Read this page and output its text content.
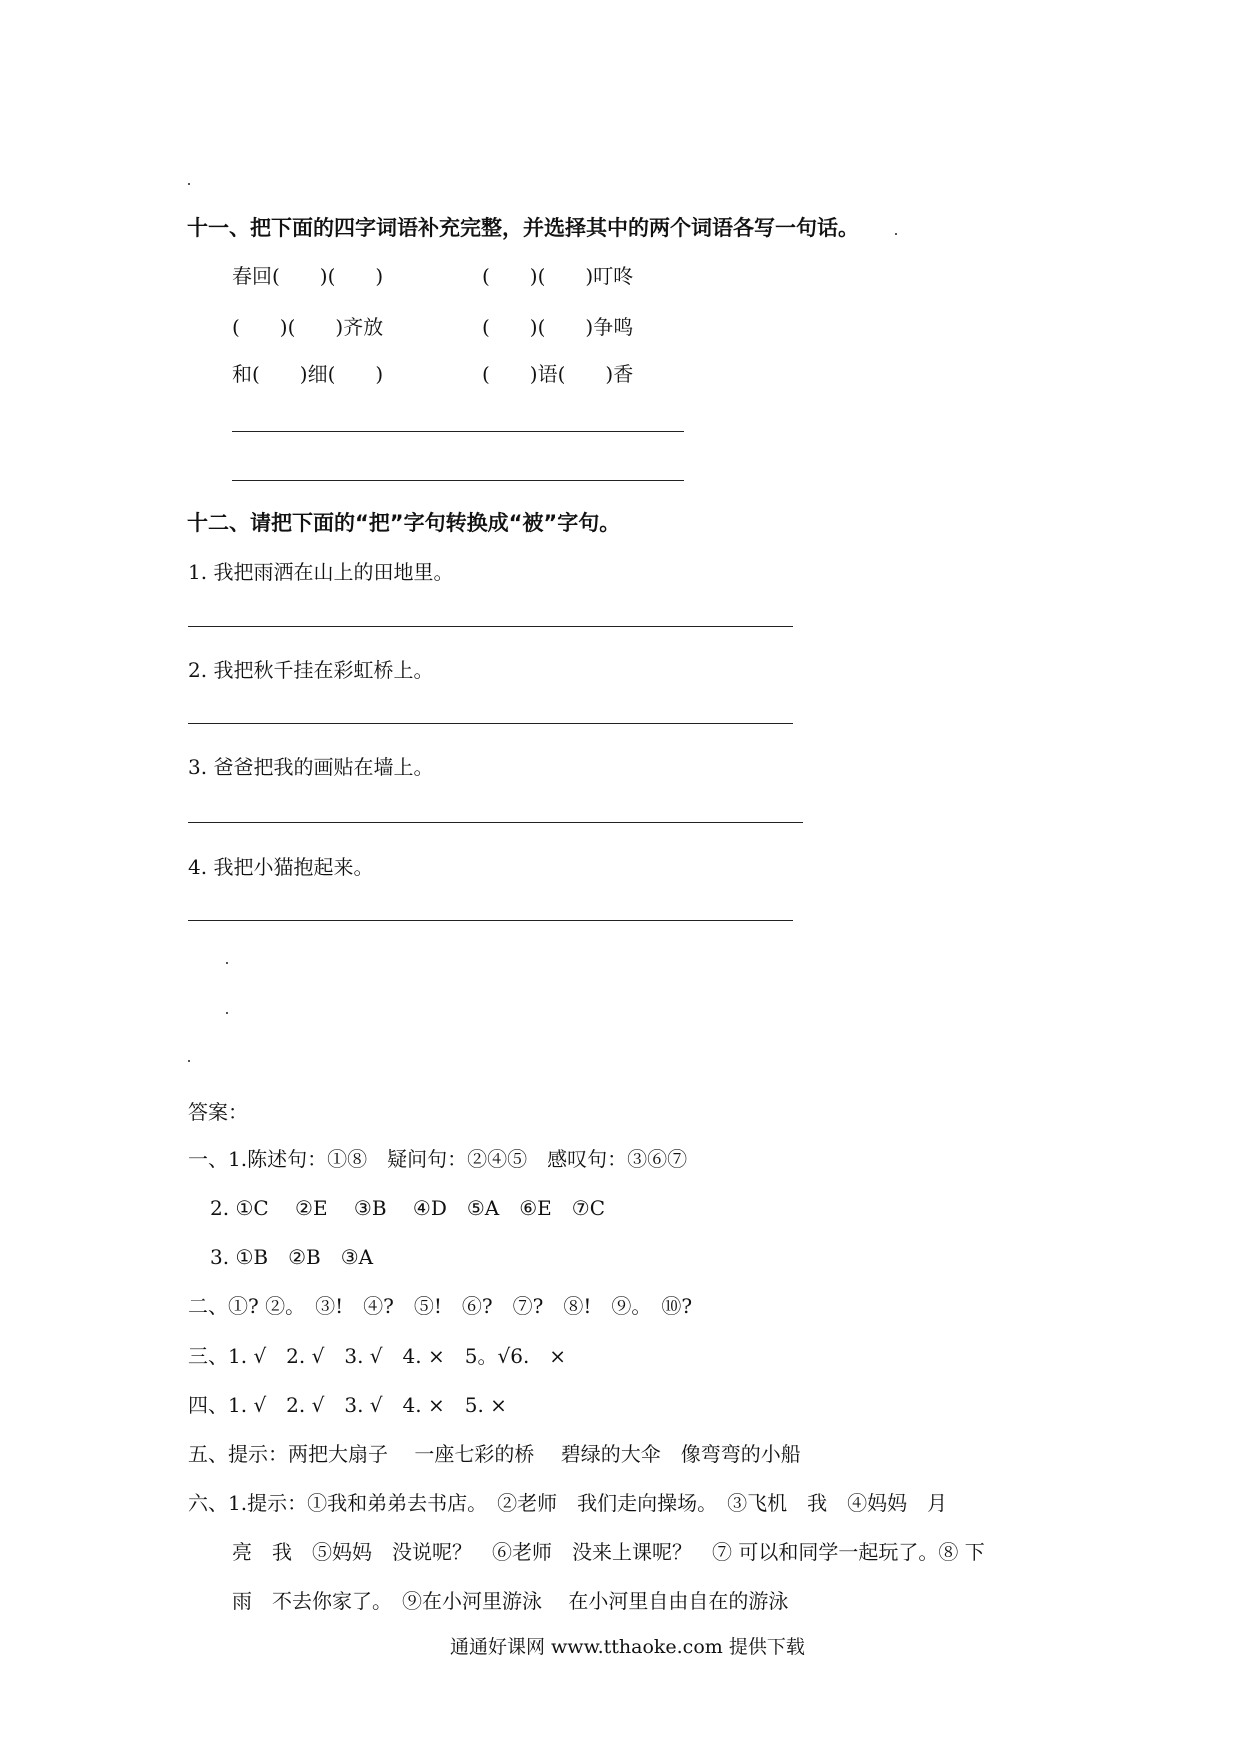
十一、把下面的四字词语补充完整，并选择其中的两个词语各写一句话。
春回(　　)(　　)	(　　)(　　)叮咚
(　　)(　　)齐放	(　　)(　　)争鸣
和(　　)细(　　)	(　　)语(　　)香
十二、请把下面的“把”字句转换成“被”字句。
1. 我把雨洒在山上的田地里。
2. 我把秋千挂在彩虹桥上。
3. 爸爸把我的画贴在墙上。
4. 我把小猫抱起来。
答案：
一、1.陈述句：①⑧　疑问句：②④⑤　感叹句：③⑥⑦
2. ①C　 ②E　 ③B　 ④D　⑤A　⑥E　⑦C
3. ①B　②B　③A
二、①? ②。　③!　④?　⑤!　⑥?　⑦?　⑧!　⑨。　⑩?
三、1. √　2. √　3. √　4. ×　5。√6.　×
四、1. √　2. √　3. √　4. ×　5. ×
五、提示：两把大扇子　 一座七彩的桥　 碧绿的大伞　像弯弯的小船
六、1.提示：①我和弟弟去书店。　②老师　我们走向操场。　③飞机　我　④妈妈　月
亮　我　⑤妈妈　没说呢？　⑥老师　没来上课呢？　⑦ 可以和同学一起玩了。⑧ 下
雨　不去你家了。　⑨在小河里游泳　 在小河里自由自在的游泳
通通好课网 www.tthaoke.com 提供下载
